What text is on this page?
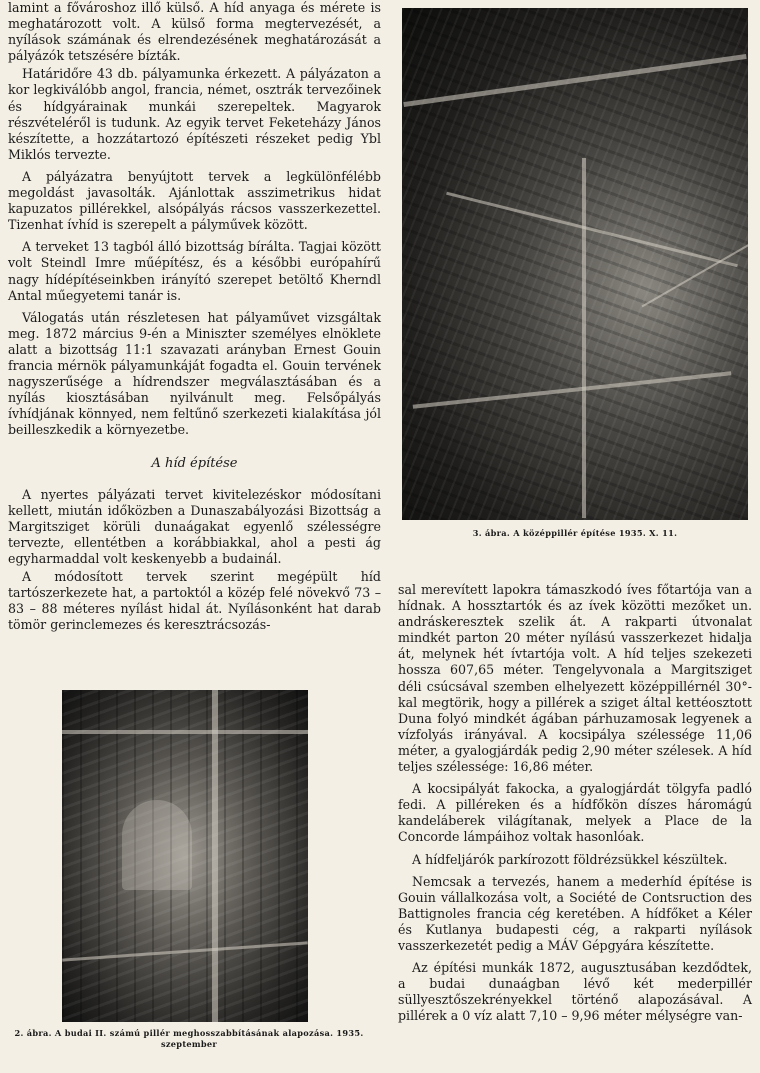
lamint a fővároshoz illő külső. A híd anyaga és mérete is meghatározott volt. A külső forma megtervezését, a nyílások számának és elrendezésének meghatározását a pályázók tetszésére bízták.

Határidőre 43 db. pályamunka érkezett. A pályázaton a kor legkiválóbb angol, francia, német, osztrák tervezőinek és hídgyárainak munkái szerepeltek. Magyarok részvételéről is tudunk. Az egyik tervet Feketeházy János készítette, a hozzátartozó építészeti részeket pedig Ybl Miklós tervezte.

A pályázatra benyújtott tervek a legkülönfélébb megoldást javasolták. Ajánlottak asszimetrikus hidat kapuzatos pillérekkel, alsópályás rácsos vasszerkezettel. Tizenhat ívhíd is szerepelt a pályművek között.

A terveket 13 tagból álló bizottság bírálta. Tagjai között volt Steindl Imre műépítész, és a későbbi európahírű nagy hídépítéseinkben irányító szerepet betöltő Kherndl Antal műegyetemi tanár is.

Válogatás után részletesen hat pályaművet vizsgáltak meg. 1872 március 9-én a Miniszter személyes elnöklete alatt a bizottság 11:1 szavazati arányban Ernest Gouin francia mérnök pályamunkáját fogadta el. Gouin tervének nagyszerűsége a hídrendszer megválasztásában és a nyílás kiosztásában nyilvánult meg. Felsőpályás ívhídjának könnyed, nem feltűnő szerkezeti kialakítása jól beilleszkedik a környezetbe.

A híd építése

A nyertes pályázati tervet kivitelezéskor módosítani kellett, miután időközben a Dunaszabályozási Bizottság a Margitsziget körüli dunaágakat egyenlő szélességre tervezte, ellentétben a korábbiakkal, ahol a pesti ág egyharmaddal volt keskenyebb a budainál.

A módosított tervek szerint megépült híd tartószerkezete hat, a partoktól a közép felé növekvő 73 – 83 – 88 méteres nyílást hidal át. Nyílásonként hat darab tömör gerinclemezes és keresztrácsozás-

3. ábra. A középpillér építése 1935. X. 11.

sal merevített lapokra támaszkodó íves főtartója van a hídnak. A hossztartók és az ívek közötti mezőket un. andráskeresztek szelik át. A rakparti útvonalat mindkét parton 20 méter nyílású vasszerkezet hidalja át, melynek hét ívtartója volt. A híd teljes szekezeti hossza 607,65 méter. Tengelyvonala a Margitsziget déli csúcsával szemben elhelyezett középpillérnél 30°-kal megtörik, hogy a pillérek a sziget által kettéosztott Duna folyó mindkét ágában párhuzamosak legyenek a vízfolyás irányával. A kocsipálya szélessége 11,06 méter, a gyalogjárdák pedig 2,90 méter szélesek. A híd teljes szélessége: 16,86 méter.

A kocsipályát fakocka, a gyalogjárdát tölgyfa padló fedi. A pilléreken és a hídfőkön díszes háromágú kandeláberek világítanak, melyek a Place de la Concorde lámpáihoz voltak hasonlóak.

A hídfeljárók parkírozott földrézsükkel készültek.

Nemcsak a tervezés, hanem a mederhíd építése is Gouin vállalkozása volt, a Société de Contsruction des Battignoles francia cég keretében. A hídfőket a Kéler és Kutlanya budapesti cég, a rakparti nyílások vasszerkezetét pedig a MÁV Gépgyára készítette.

Az építési munkák 1872, augusztusában kezdődtek, a budai dunaágban lévő két mederpillér süllyesztőszekrényekkel történő alapozásával. A pillérek a 0 víz alatt 7,10 – 9,96 méter mélységre van-

2. ábra. A budai II. számú pillér meghosszabbításának alapozása. 1935. szeptember
